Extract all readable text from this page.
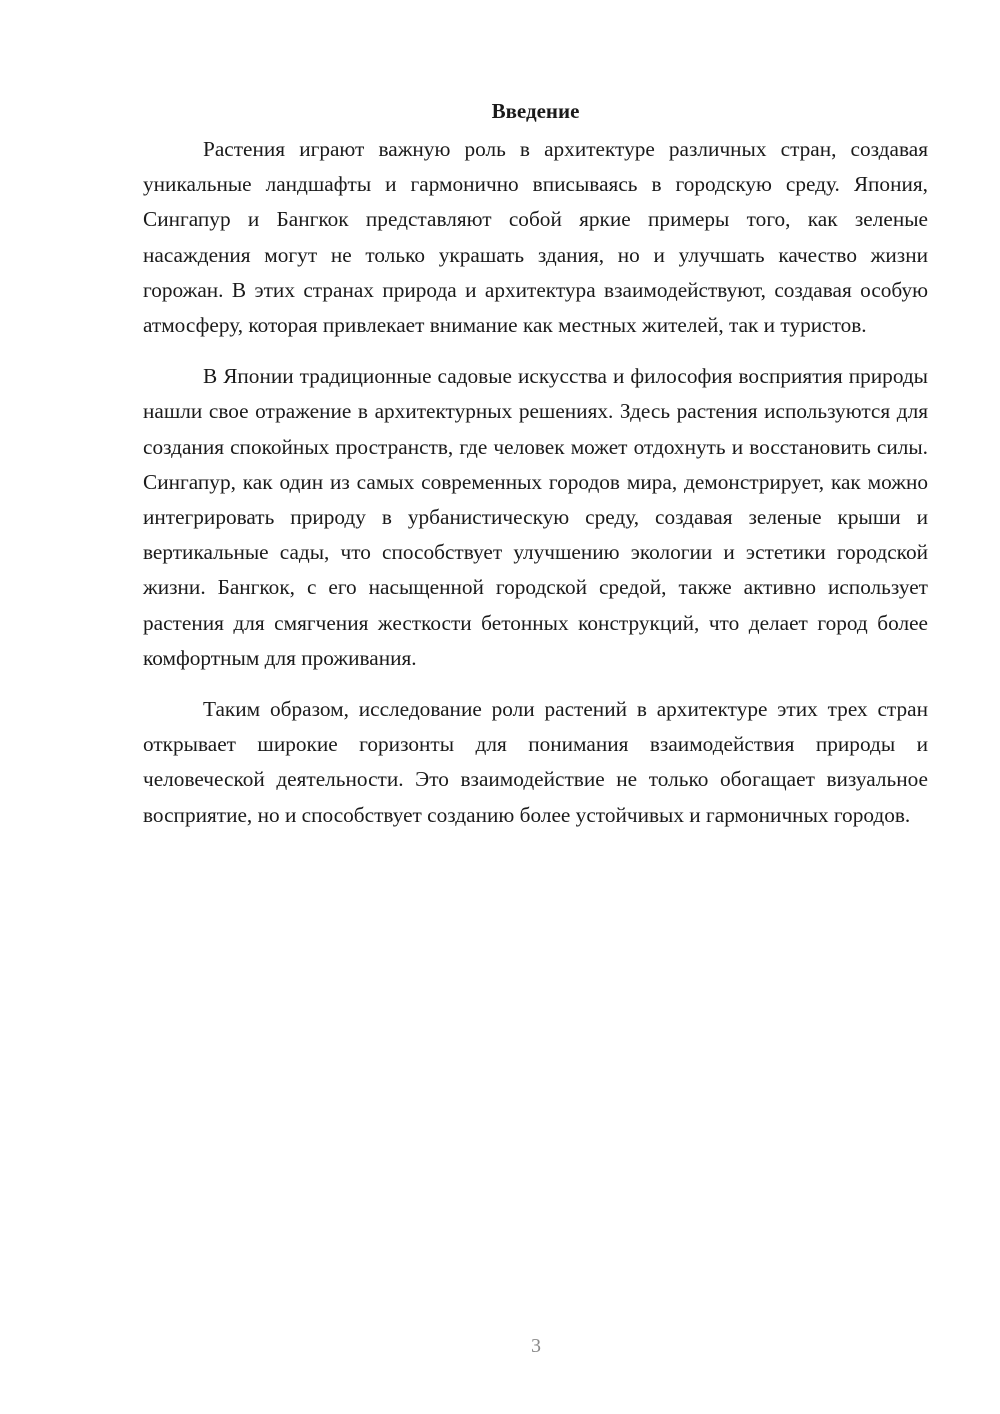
Введение

Растения играют важную роль в архитектуре различных стран, создавая уникальные ландшафты и гармонично вписываясь в городскую среду. Япония, Сингапур и Бангкок представляют собой яркие примеры того, как зеленые насаждения могут не только украшать здания, но и улучшать качество жизни горожан. В этих странах природа и архитектура взаимодействуют, создавая особую атмосферу, которая привлекает внимание как местных жителей, так и туристов.

В Японии традиционные садовые искусства и философия восприятия природы нашли свое отражение в архитектурных решениях. Здесь растения используются для создания спокойных пространств, где человек может отдохнуть и восстановить силы. Сингапур, как один из самых современных городов мира, демонстрирует, как можно интегрировать природу в урбанистическую среду, создавая зеленые крыши и вертикальные сады, что способствует улучшению экологии и эстетики городской жизни. Бангкок, с его насыщенной городской средой, также активно использует растения для смягчения жесткости бетонных конструкций, что делает город более комфортным для проживания.

Таким образом, исследование роли растений в архитектуре этих трех стран открывает широкие горизонты для понимания взаимодействия природы и человеческой деятельности. Это взаимодействие не только обогащает визуальное восприятие, но и способствует созданию более устойчивых и гармоничных городов.

3
